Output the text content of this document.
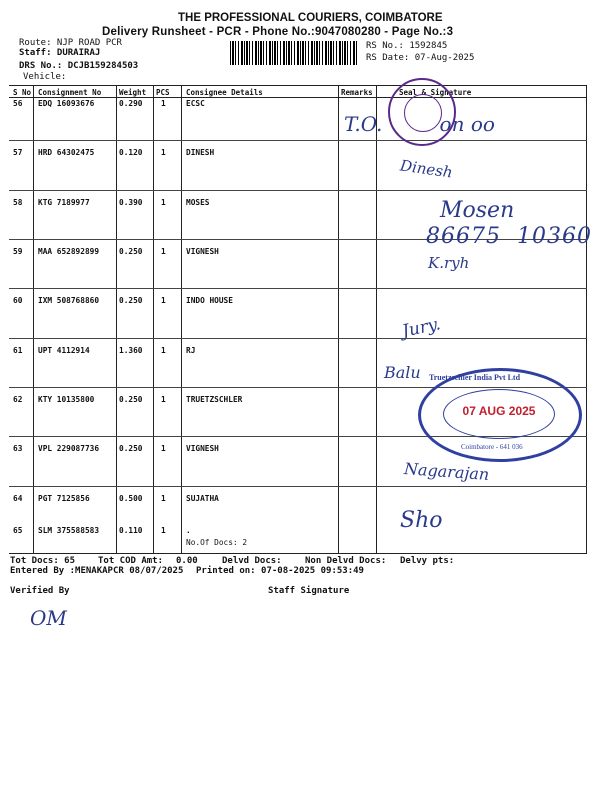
THE PROFESSIONAL COURIERS, COIMBATORE
Delivery Runsheet - PCR - Phone No.:9047080280 - Page No.:3
Route: NJP ROAD PCR
Staff: DURAIRAJ
DRS No.: DCJB159284503
Vehicle:
RS No.: 1592845
RS Date: 07-Aug-2025
S No Consignment No Weight PCS Consignee Details	Remarks	Seal & Signature
56 EDQ 16093676	0.290 1	ECSC
57 HRD 64302475	0.120 1	DINESH
58 KTG 7189977	0.390 1	MOSES
59 MAA 652892899	0.250 1	VIGNESH
60 IXM 508768860	0.250 1	INDO HOUSE
61 UPT 4112914	1.360 1	RJ
62 KTY 10135800	0.250 1	TRUETZSCHLER
63 VPL 229087736	0.250 1	VIGNESH
64 PGT 7125856	0.500 1	SUJATHA
65 SLM 375588583	0.110 1	.
No.Of Docs: 2
Truetzschler India Pvt Ltd
07 AUG 2025
Coimbatore - 641 036
T.O.         on oo
Dinesh
Mosen
86675  10360
K.ryh
Jury.
Balu
Nagarajan
Sho
Tot Docs: 65	Tot COD Amt: 0.00	Delvd Docs:	Non Delvd Docs: Delvy pts:
Entered By :MENAKAPCR 08/07/2025 Printed on: 07-08-2025 09:53:49
Verified By	Staff Signature
OM
